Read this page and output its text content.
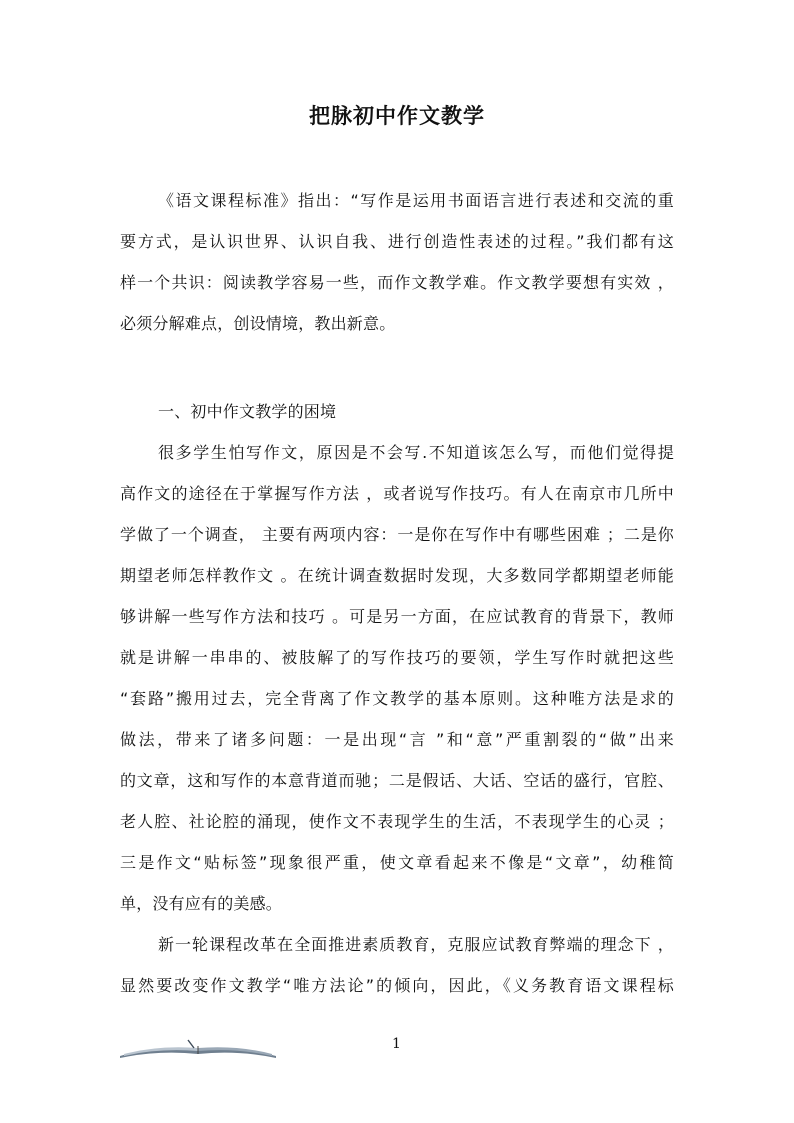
把脉初中作文教学
《语文课程标准》指出：“写作是运用书面语言进行表述和交流的重
要方式，是认识世界、认识自我、进行创造性表述的过程。”我们都有这
样一个共识：阅读教学容易一些，而作文教学难。作文教学要想有实效 ，
必须分解难点，创设情境，教出新意。
一、初中作文教学的困境
很多学生怕写作文，原因是不会写.不知道该怎么写，而他们觉得提
高作文的途径在于掌握写作方法 ，或者说写作技巧。有人在南京市几所中
学做了一个调查， 主要有两项内容：一是你在写作中有哪些困难 ；二是你
期望老师怎样教作文 。在统计调查数据时发现，大多数同学都期望老师能
够讲解一些写作方法和技巧 。可是另一方面，在应试教育的背景下，教师
就是讲解一串串的、被肢解了的写作技巧的要领，学生写作时就把这些
“套路”搬用过去，完全背离了作文教学的基本原则。这种唯方法是求的
做法，带来了诸多问题：一是出现“言 ”和“意”严重割裂的“做”出来
的文章，这和写作的本意背道而驰；二是假话、大话、空话的盛行，官腔、
老人腔、社论腔的涌现，使作文不表现学生的生活，不表现学生的心灵 ；
三是作文“贴标签”现象很严重，使文章看起来不像是“文章”，幼稚简
单，没有应有的美感。
新一轮课程改革在全面推进素质教育，克服应试教育弊端的理念下 ，
显然要改变作文教学“唯方法论”的倾向，因此，《义务教育语文课程标
1
